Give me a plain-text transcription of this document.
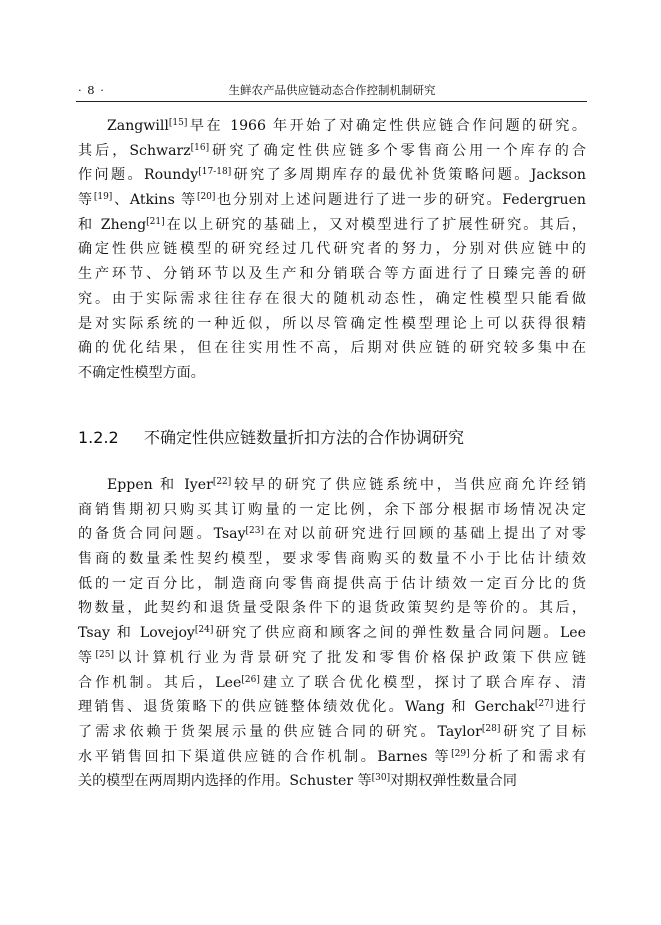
· 8 ·	生鲜农产品供应链动态合作控制机制研究
Zangwill[15]早在 1966 年开始了对确定性供应链合作问题的研究。
其后，Schwarz[16]研究了确定性供应链多个零售商公用一个库存的合
作问题。Roundy[17-18]研究了多周期库存的最优补货策略问题。Jackson
等[19]、Atkins 等[20]也分别对上述问题进行了进一步的研究。Federgruen
和 Zheng[21]在以上研究的基础上，又对模型进行了扩展性研究。其后，
确定性供应链模型的研究经过几代研究者的努力，分别对供应链中的
生产环节、分销环节以及生产和分销联合等方面进行了日臻完善的研
究。由于实际需求往往存在很大的随机动态性，确定性模型只能看做
是对实际系统的一种近似，所以尽管确定性模型理论上可以获得很精
确的优化结果，但在往实用性不高，后期对供应链的研究较多集中在
不确定性模型方面。
1.2.2 不确定性供应链数量折扣方法的合作协调研究
Eppen 和 Iyer[22]较早的研究了供应链系统中，当供应商允许经销
商销售期初只购买其订购量的一定比例，余下部分根据市场情况决定
的备货合同问题。Tsay[23]在对以前研究进行回顾的基础上提出了对零
售商的数量柔性契约模型，要求零售商购买的数量不小于比估计绩效
低的一定百分比，制造商向零售商提供高于估计绩效一定百分比的货
物数量，此契约和退货量受限条件下的退货政策契约是等价的。其后，
Tsay 和 Lovejoy[24]研究了供应商和顾客之间的弹性数量合同问题。Lee
等[25]以计算机行业为背景研究了批发和零售价格保护政策下供应链
合作机制。其后，Lee[26]建立了联合优化模型，探讨了联合库存、清
理销售、退货策略下的供应链整体绩效优化。Wang 和 Gerchak[27]进行
了需求依赖于货架展示量的供应链合同的研究。Taylor[28]研究了目标
水平销售回扣下渠道供应链的合作机制。Barnes 等[29]分析了和需求有
关的模型在两周期内选择的作用。Schuster 等[30]对期权弹性数量合同
